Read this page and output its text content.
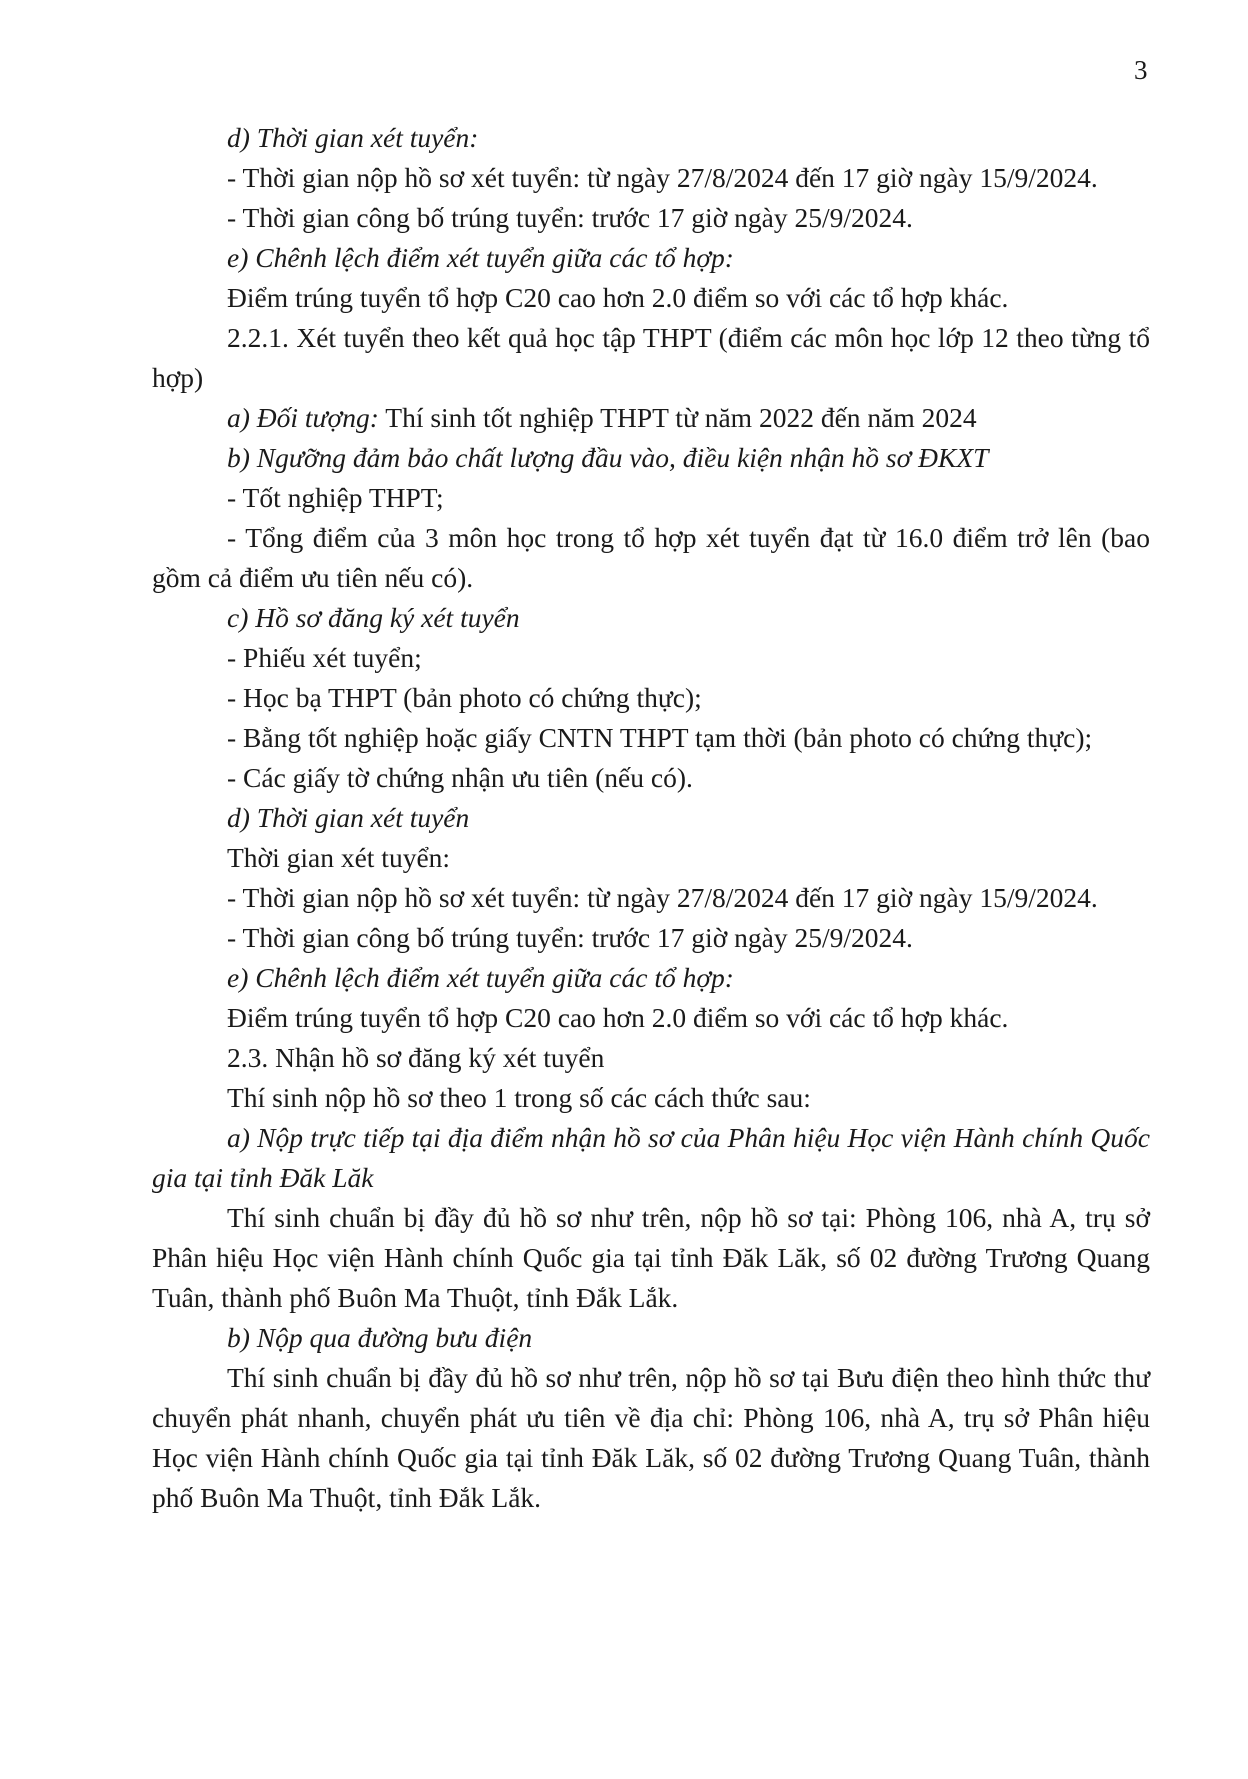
3

d) Thời gian xét tuyển:

- Thời gian nộp hồ sơ xét tuyển: từ ngày 27/8/2024 đến 17 giờ ngày 15/9/2024.

- Thời gian công bố trúng tuyển: trước 17 giờ ngày 25/9/2024.

e) Chênh lệch điểm xét tuyển giữa các tổ hợp:

Điểm trúng tuyển tổ hợp C20 cao hơn 2.0 điểm so với các tổ hợp khác.

2.2.1. Xét tuyển theo kết quả học tập THPT (điểm các môn học lớp 12 theo từng tổ hợp)

a) Đối tượng: Thí sinh tốt nghiệp THPT từ năm 2022 đến năm 2024

b) Ngưỡng đảm bảo chất lượng đầu vào, điều kiện nhận hồ sơ ĐKXT

- Tốt nghiệp THPT;

- Tổng điểm của 3 môn học trong tổ hợp xét tuyển đạt từ 16.0 điểm trở lên (bao gồm cả điểm ưu tiên nếu có).

c) Hồ sơ đăng ký xét tuyển

- Phiếu xét tuyển;

- Học bạ THPT (bản photo có chứng thực);

- Bằng tốt nghiệp hoặc giấy CNTN THPT tạm thời (bản photo có chứng thực);

- Các giấy tờ chứng nhận ưu tiên (nếu có).

d) Thời gian xét tuyển

Thời gian xét tuyển:

- Thời gian nộp hồ sơ xét tuyển: từ ngày 27/8/2024 đến 17 giờ ngày 15/9/2024.

- Thời gian công bố trúng tuyển: trước 17 giờ ngày 25/9/2024.

e) Chênh lệch điểm xét tuyển giữa các tổ hợp:

Điểm trúng tuyển tổ hợp C20 cao hơn 2.0 điểm so với các tổ hợp khác.

2.3. Nhận hồ sơ đăng ký xét tuyển

Thí sinh nộp hồ sơ theo 1 trong số các cách thức sau:

a) Nộp trực tiếp tại địa điểm nhận hồ sơ của Phân hiệu Học viện Hành chính Quốc gia tại tỉnh Đăk Lăk

Thí sinh chuẩn bị đầy đủ hồ sơ như trên, nộp hồ sơ tại: Phòng 106, nhà A, trụ sở Phân hiệu Học viện Hành chính Quốc gia tại tỉnh Đăk Lăk, số 02 đường Trương Quang Tuân, thành phố Buôn Ma Thuột, tỉnh Đắk Lắk.

b) Nộp qua đường bưu điện

Thí sinh chuẩn bị đầy đủ hồ sơ như trên, nộp hồ sơ tại Bưu điện theo hình thức thư chuyển phát nhanh, chuyển phát ưu tiên về địa chỉ: Phòng 106, nhà A, trụ sở Phân hiệu Học viện Hành chính Quốc gia tại tỉnh Đăk Lăk, số 02 đường Trương Quang Tuân, thành phố Buôn Ma Thuột, tỉnh Đắk Lắk.
